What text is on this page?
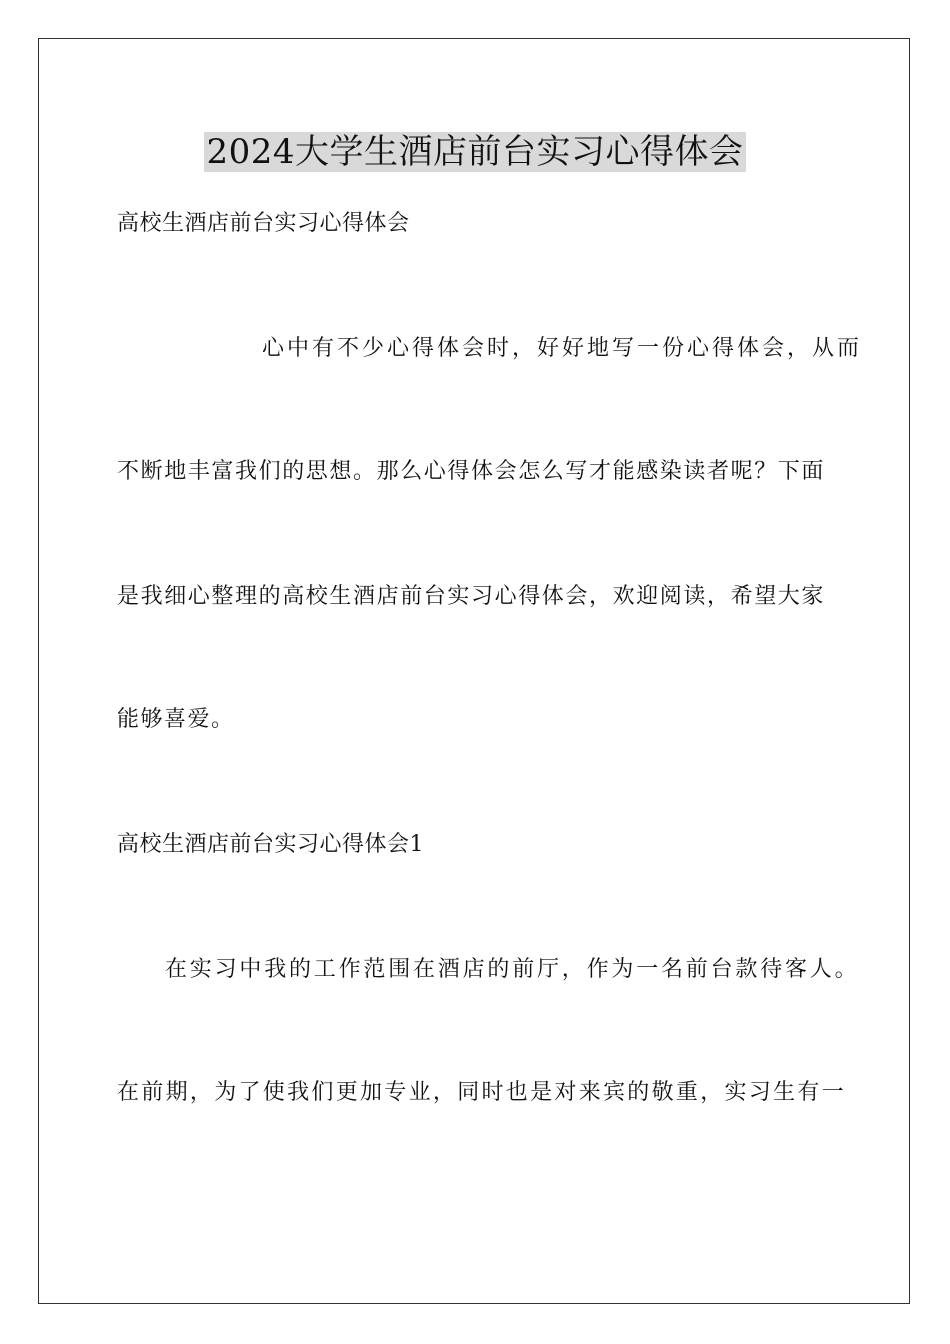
2024大学生酒店前台实习心得体会
高校生酒店前台实习心得体会
心中有不少心得体会时，好好地写一份心得体会，从而
不断地丰富我们的思想。那么心得体会怎么写才能感染读者呢？下面
是我细心整理的高校生酒店前台实习心得体会，欢迎阅读，希望大家
能够喜爱。
高校生酒店前台实习心得体会1
在实习中我的工作范围在酒店的前厅，作为一名前台款待客人。
在前期，为了使我们更加专业，同时也是对来宾的敬重，实习生有一
